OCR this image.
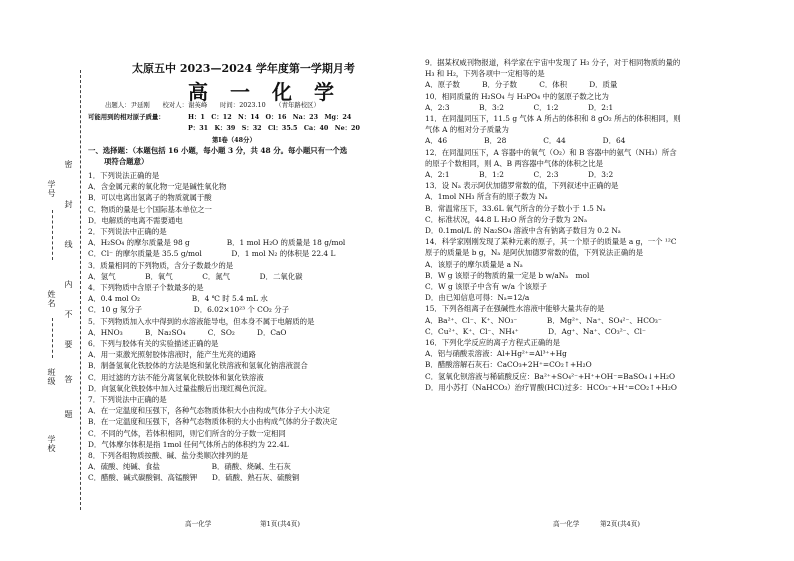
学号
姓名
班级
学校
密
封
线
内
不
要
答
题
太原五中 2023—2024 学年度第一学期月考
高一化学
出题人：尹延刚　　校对人：谢英峰　　时间：2023.10　　（青年路校区）
可能用到的相对原子质量：	H：1　C：12　N：14　O：16　Na：23　Mg：24
P：31　K：39　S：32　Cl：35.5　Ca：40　Ne：20
第Ⅰ卷（48分）
一、选择题：（本题包括 16 小题，每小题 3 分，共 48 分。每小题只有一个选
项符合题意）
1．下列说法正确的是
A．含金属元素的氧化物一定是碱性氧化物
B．可以电离出氢离子的物质就属于酸
C．物质的量是七个国际基本单位之一
D．电解质的电离不需要通电
2．下列说法中正确的是
A．H₂SO₄ 的摩尔质量是 98 g　　　　　B．1 mol H₂O 的质量是 18 g/mol
C．Cl⁻ 的摩尔质量是 35.5 g/mol　　　　D．1 mol N₂ 的体积是 22.4 L
3．质量相同的下列物质，含分子数最少的是
A．氢气　　　　B．氧气　　　　C．氮气　　　　D．二氧化碳
4．下列物质中含原子个数最多的是
A．0.4 mol O₂　　　　　　　B．4 ℃ 时 5.4 mL 水
C．10 g 氖分子　　　　　　　D．6.02×10²³ 个 CO₂ 分子
5．下列物质加入水中得到的水溶液能导电，但本身不属于电解质的是
A．HNO₃　　　B．Na₂SO₄　　　C．SO₂　　　D．CaO
6．下列与胶体有关的实验描述正确的是
A．用一束激光照射胶体溶液时，能产生光亮的通路
B．制备氢氧化铁胶体的方法是饱和氯化铁溶液和氢氧化钠溶液混合
C．用过滤的方法不能分离氢氧化铁胶体和氯化铁溶液
D．向氢氧化铁胶体中加入过量盐酸后出现红褐色沉淀。
7．下列说法中正确的是
A．在一定温度和压强下，各种气态物质体积大小由构成气体分子大小决定
B．在一定温度和压强下，各种气态物质体积的大小由构成气体的分子数决定
C．不同的气体，若体积相同，则它们所含的分子数一定相同
D．气体摩尔体积是指 1mol 任何气体所占的体积约为 22.4L
8．下列各组物质按酸、碱、盐分类顺次排列的是
A．硫酸、纯碱、食盐　　　　　　　B．硝酸、烧碱、生石灰
C．醋酸、碱式碳酸铜、高锰酸钾　　D．硫酸、熟石灰、硫酸铜
9．据某权威刊物报道，科学家在宇宙中发现了 H₃ 分子，对于相同物质的量的
H₃ 和 H₂，下列各项中一定相等的是
A．原子数　　　B．分子数　　　C．体积　　　D．质量
10．相同质量的 H₂SO₄ 与 H₃PO₄ 中的氢原子数之比为
A．2:3　　　　B．3:2　　　　C．1:2　　　　D．2:1
11．在同温同压下，11.5 g 气体 A 所占的体积和 8 gO₂ 所占的体积相同，则
气体 A 的相对分子质量为
A．46　　　　　B．28　　　　　C．44　　　　　D．64
12．在同温同压下，A 容器中的氧气（O₂）和 B 容器中的氨气（NH₃）所含
的原子个数相同，则 A、B 两容器中气体的体积之比是
A．2:1　　　　B．1:2　　　　C．2:3　　　　D．3:2
13．设 Nₐ 表示阿伏加德罗常数的值，下列叙述中正确的是
A．1mol NH₃ 所含有的原子数为 Nₐ
B．常温常压下，33.6L 氧气所含的分子数小于 1.5 Nₐ
C．标准状况，44.8 L H₂O 所含的分子数为 2Nₐ
D．0.1mol/L 的 Na₂SO₄ 溶液中含有钠离子数目为 0.2 Nₐ
14．科学家刚刚发现了某种元素的原子，其一个原子的质量是 a g，一个 ¹²C
原子的质量是 b g，Nₐ 是阿伏加德罗常数的值，下列说法正确的是
A．该原子的摩尔质量是 a Nₐ
B．W g 该原子的物质的量一定是 b w/aNₐ　mol
C．W g 该原子中含有 w/a 个该原子
D．由已知信息可得：Nₐ=12/a
15．下列各组离子在强碱性水溶液中能够大量共存的是
A．Ba²⁺、Cl⁻、K⁺、NO₃⁻　　　　B．Mg²⁺、Na⁺、SO₄²⁻、HCO₃⁻
C．Cu²⁺、K⁺、Cl⁻、NH₄⁺　　　　D．Ag⁺、Na⁺、CO₃²⁻、Cl⁻
16．下列化学反应的离子方程式正确的是
A．铝与硝酸汞溶液：Al+Hg²⁺=Al³⁺+Hg
B．醋酸溶解石灰石：CaCO₃+2H⁺=CO₂↑+H₂O
C．氢氧化钡溶液与稀硫酸反应：Ba²⁺+SO₄²⁻+H⁺+OH⁻=BaSO₄↓+H₂O
D．用小苏打（NaHCO₃）治疗胃酸(HCl)过多：HCO₃⁻+H⁺=CO₂↑+H₂O
高一化学	第1页(共4页)	高一化学	第2页(共4页)
